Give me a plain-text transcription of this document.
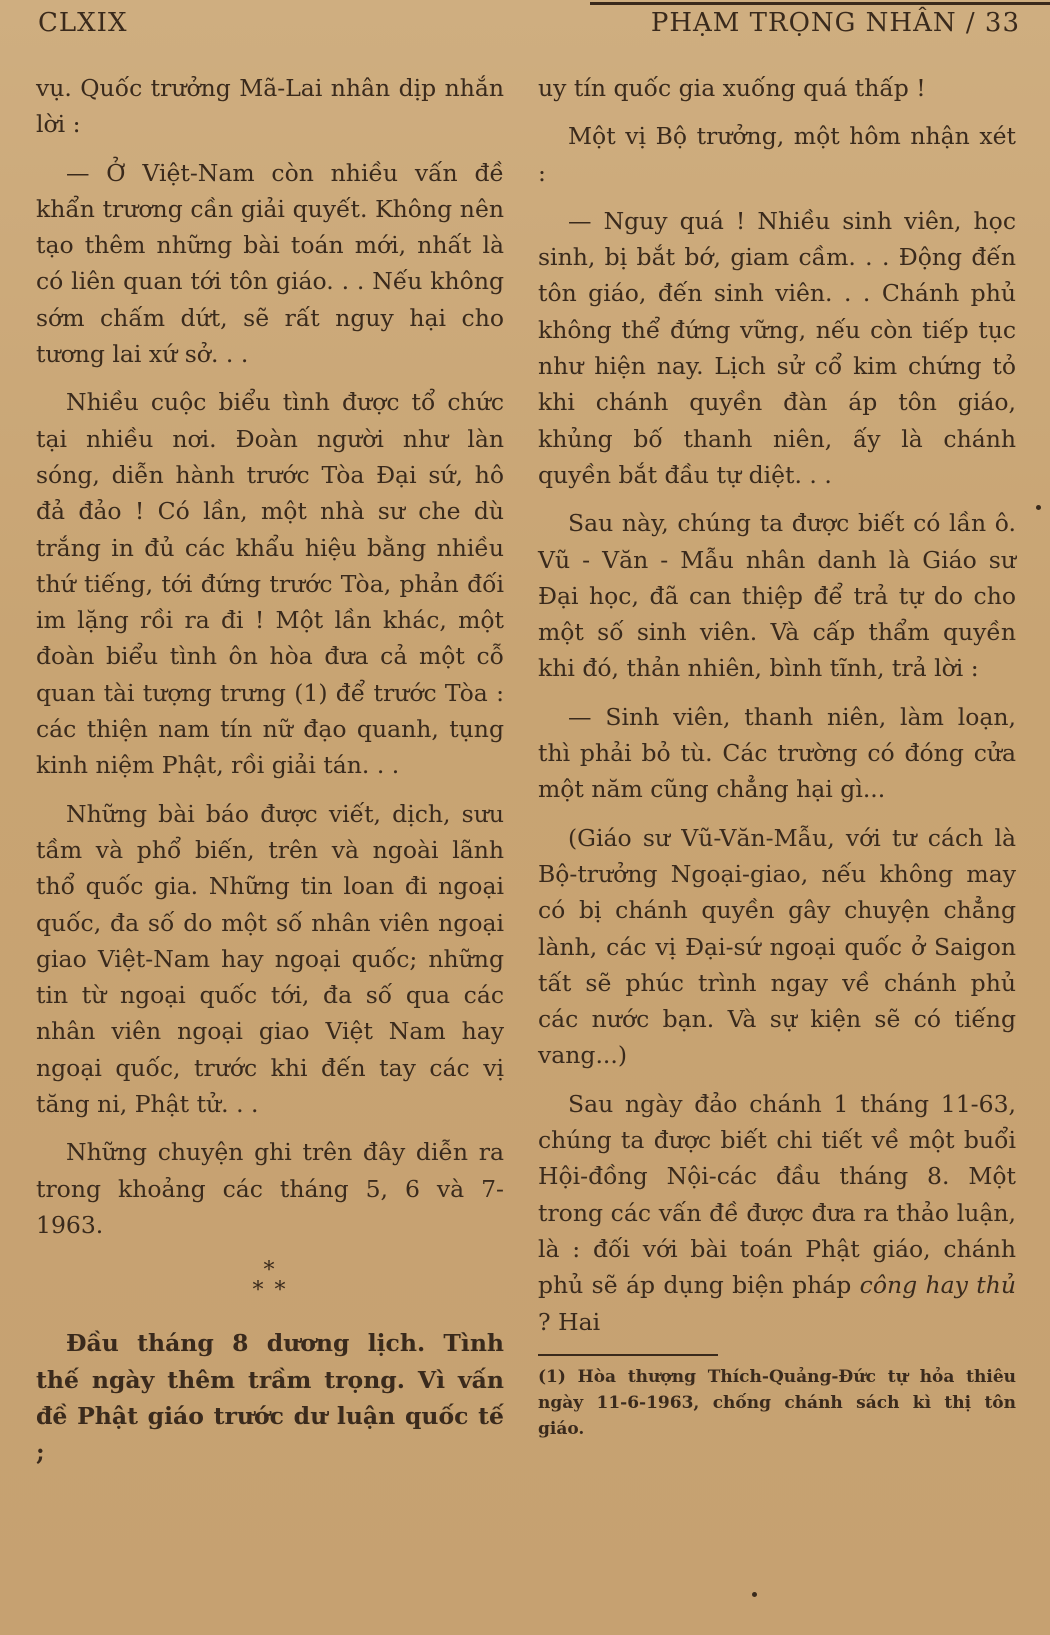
CLXIX	PHẠM TRỌNG NHÂN / 33

vụ. Quốc trưởng Mã-Lai nhân dịp nhắn lời :

— Ở Việt-Nam còn nhiều vấn đề khẩn trương cần giải quyết. Không nên tạo thêm những bài toán mới, nhất là có liên quan tới tôn giáo. . . Nếu không sớm chấm dứt, sẽ rất nguy hại cho tương lai xứ sở. . .

Nhiều cuộc biểu tình được tổ chức tại nhiều nơi. Đoàn người như làn sóng, diễn hành trước Tòa Đại sứ, hô đả đảo ! Có lần, một nhà sư che dù trắng in đủ các khẩu hiệu bằng nhiều thứ tiếng, tới đứng trước Tòa, phản đối im lặng rồi ra đi ! Một lần khác, một đoàn biểu tình ôn hòa đưa cả một cỗ quan tài tượng trưng (1) để trước Tòa : các thiện nam tín nữ đạo quanh, tụng kinh niệm Phật, rồi giải tán. . .

Những bài báo được viết, dịch, sưu tầm và phổ biến, trên và ngoài lãnh thổ quốc gia. Những tin loan đi ngoại quốc, đa số do một số nhân viên ngoại giao Việt-Nam hay ngoại quốc; những tin từ ngoại quốc tới, đa số qua các nhân viên ngoại giao Việt Nam hay ngoại quốc, trước khi đến tay các vị tăng ni, Phật tử. . .

Những chuyện ghi trên đây diễn ra trong khoảng các tháng 5, 6 và 7-1963.

*
* *

Đầu tháng 8 dương lịch. Tình thế ngày thêm trầm trọng. Vì vấn đề Phật giáo trước dư luận quốc tế ;

uy tín quốc gia xuống quá thấp !

Một vị Bộ trưởng, một hôm nhận xét :

— Nguy quá ! Nhiều sinh viên, học sinh, bị bắt bớ, giam cầm. . . Động đến tôn giáo, đến sinh viên. . . Chánh phủ không thể đứng vững, nếu còn tiếp tục như hiện nay. Lịch sử cổ kim chứng tỏ khi chánh quyền đàn áp tôn giáo, khủng bố thanh niên, ấy là chánh quyền bắt đầu tự diệt. . .

Sau này, chúng ta được biết có lần ô. Vũ - Văn - Mẫu nhân danh là Giáo sư Đại học, đã can thiệp để trả tự do cho một số sinh viên. Và cấp thẩm quyền khi đó, thản nhiên, bình tĩnh, trả lời :

— Sinh viên, thanh niên, làm loạn, thì phải bỏ tù. Các trường có đóng cửa một năm cũng chẳng hại gì...

(Giáo sư Vũ-Văn-Mẫu, với tư cách là Bộ-trưởng Ngoại-giao, nếu không may có bị chánh quyền gây chuyện chẳng lành, các vị Đại-sứ ngoại quốc ở Saigon tất sẽ phúc trình ngay về chánh phủ các nước bạn. Và sự kiện sẽ có tiếng vang...)

Sau ngày đảo chánh 1 tháng 11-63, chúng ta được biết chi tiết về một buổi Hội-đồng Nội-các đầu tháng 8. Một trong các vấn đề được đưa ra thảo luận, là : đối với bài toán Phật giáo, chánh phủ sẽ áp dụng biện pháp công hay thủ ? Hai

(1) Hòa thượng Thích-Quảng-Đức tự hỏa thiêu ngày 11-6-1963, chống chánh sách kì thị tôn giáo.
